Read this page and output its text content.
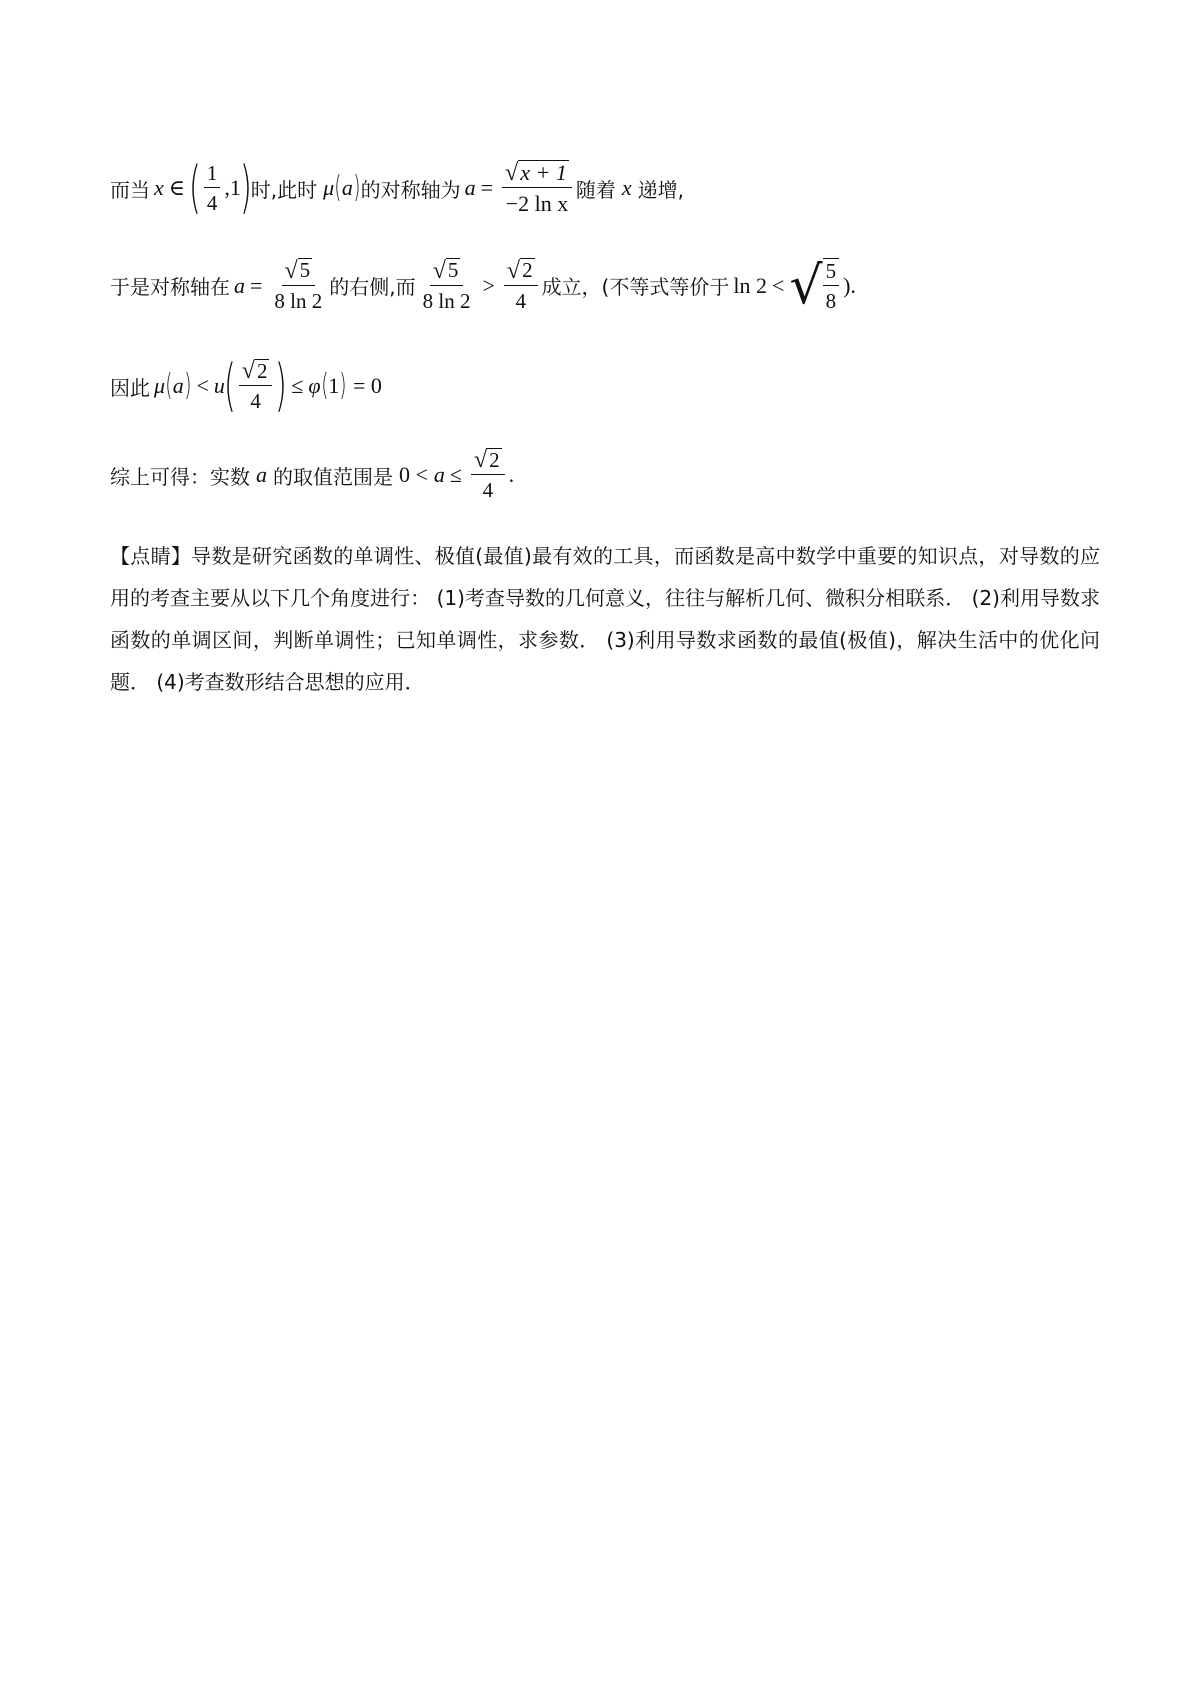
而当 x ∈ ( $\frac{1}{4} ,1$
)
时,此时 μ ( a ) 的对称轴为 $a = \frac{√ x + 1}{\text{−2 ln x}}$ 随着 x 递增,
于是对称轴在 $a = \frac{√ 5}{8 \ln 2}$ 的右侧,而 $\frac{√ 5}{8 \ln 2} > \frac{√ 2}{4}$ 成立，(不等式等价于 ln 2 < √ $\frac{5}{8}$ ).
因此 μ ( a ) < u
( $\frac{√ 2}{4}$ ) ≤ φ ( 1 ) = 0
综上可得：实数 a 的取值范围是 $0 < a \le \frac{√ 2}{4}$ .
【点睛】导数是研究函数的单调性、极值(最值)最有效的工具，而函数是高中数学中重要的知识点，对导数的应用的考查主要从以下几个角度进行： (1)考查导数的几何意义，往往与解析几何、微积分相联系． (2)利用导数求函数的单调区间，判断单调性；已知单调性，求参数． (3)利用导数求函数的最值(极值)，解决生活中的优化问题． (4)考查数形结合思想的应用．
